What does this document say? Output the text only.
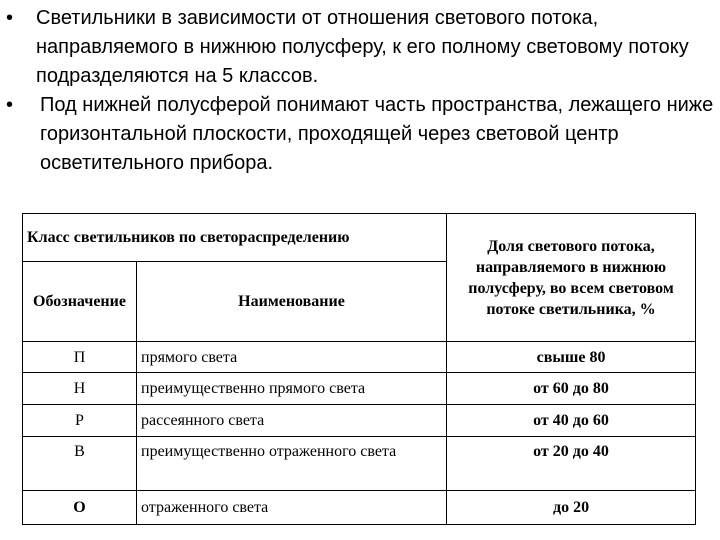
• Светильники в зависимости от отношения светового потока, направляемого в нижнюю полусферу, к его полному световому потоку подразделяются на 5 классов.
• Под нижней полусферой понимают часть пространства, лежащего ниже горизонтальной плоскости, проходящей через световой центр осветительного прибора.
Класс светильников по светораспределению		Доля светового потока, направляемого в нижнюю полусферу, во всем световом потоке светильника, %
Обозначение	Наименование	
П	прямого света	свыше 80
Н	преимущественно прямого света	от 60 до 80
Р	рассеянного света	от 40 до 60
В	преимущественно отраженного света	от 20 до 40
О	отраженного света	до 20
